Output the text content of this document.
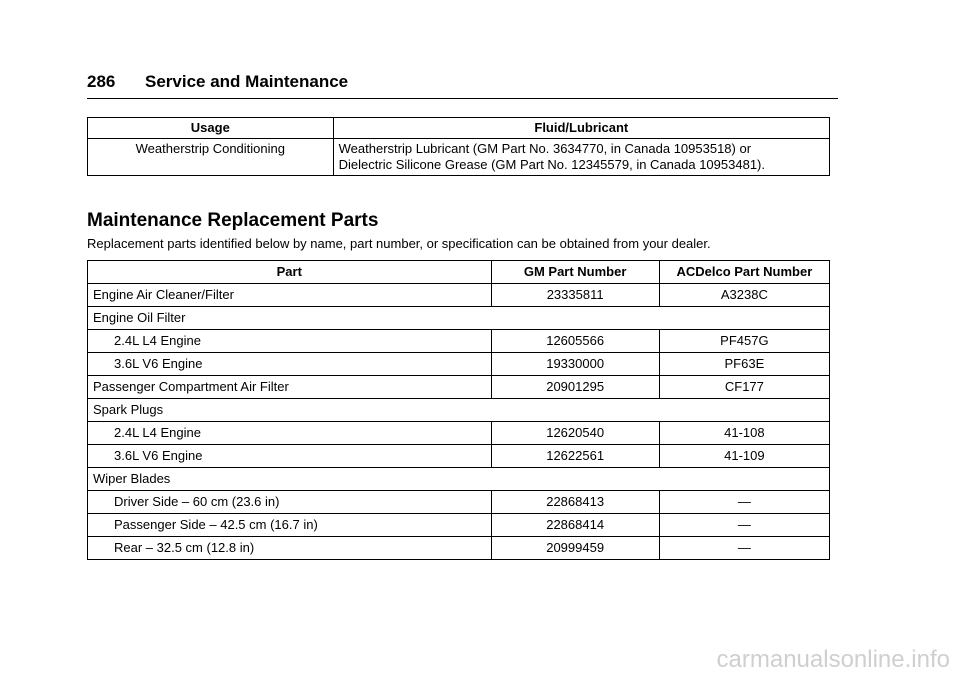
286 Service and Maintenance
Usage	Fluid/Lubricant
Weatherstrip Conditioning	Weatherstrip Lubricant (GM Part No. 3634770, in Canada 10953518) or
Dielectric Silicone Grease (GM Part No. 12345579, in Canada 10953481).
Maintenance Replacement Parts
Replacement parts identified below by name, part number, or specification can be obtained from your dealer.
Part	GM Part Number	ACDelco Part Number
Engine Air Cleaner/Filter	23335811	A3238C
Engine Oil Filter		
2.4L L4 Engine	12605566	PF457G
3.6L V6 Engine	19330000	PF63E
Passenger Compartment Air Filter	20901295	CF177
Spark Plugs		
2.4L L4 Engine	12620540	41-108
3.6L V6 Engine	12622561	41-109
Wiper Blades		
Driver Side – 60 cm (23.6 in)	22868413	—
Passenger Side – 42.5 cm (16.7 in)	22868414	—
Rear – 32.5 cm (12.8 in)	20999459	—
carmanualsonline.info
